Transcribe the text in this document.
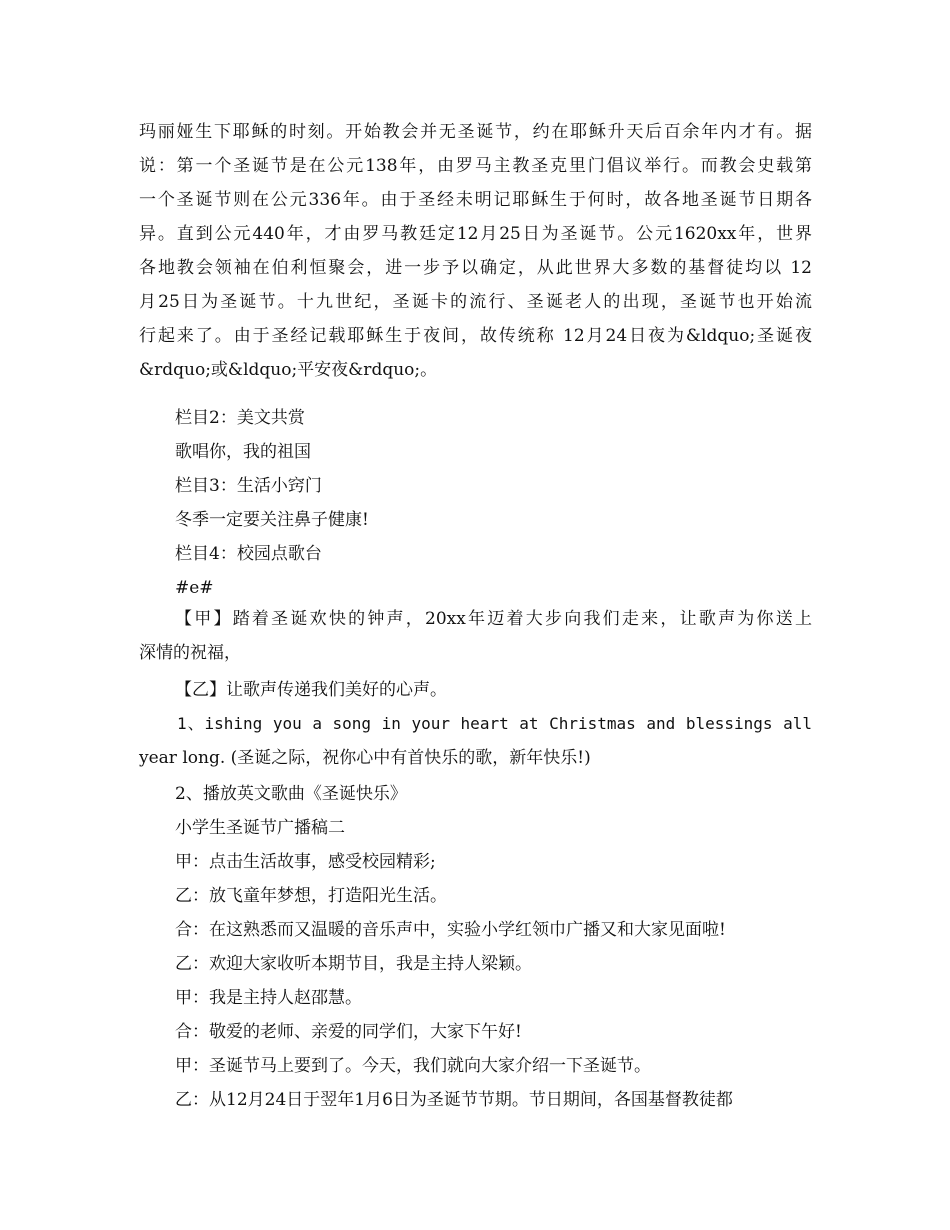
玛丽娅生下耶稣的时刻。开始教会并无圣诞节，约在耶稣升天后百余年内才有。据
说：第一个圣诞节是在公元138年，由罗马主教圣克里门倡议举行。而教会史载第
一个圣诞节则在公元336年。由于圣经未明记耶稣生于何时，故各地圣诞节日期各
异。直到公元440年，才由罗马教廷定12月25日为圣诞节。公元1620xx年，世界
各地教会领袖在伯利恒聚会，进一步予以确定，从此世界大多数的基督徒均以 12
月25日为圣诞节。十九世纪，圣诞卡的流行、圣诞老人的出现，圣诞节也开始流
行起来了。由于圣经记载耶稣生于夜间，故传统称 12月24日夜为&ldquo;圣诞夜
&rdquo;或&ldquo;平安夜&rdquo;。

栏目2：美文共赏

歌唱你，我的祖国

栏目3：生活小窍门

冬季一定要关注鼻子健康!

栏目4：校园点歌台

#e#

【甲】踏着圣诞欢快的钟声，20xx年迈着大步向我们走来，让歌声为你送上
深情的祝福，

【乙】让歌声传递我们美好的心声。

1、ishing you a song in your heart at Christmas and blessings all
year long. (圣诞之际，祝你心中有首快乐的歌，新年快乐!)

2、播放英文歌曲《圣诞快乐》

小学生圣诞节广播稿二

甲：点击生活故事，感受校园精彩;

乙：放飞童年梦想，打造阳光生活。

合：在这熟悉而又温暖的音乐声中，实验小学红领巾广播又和大家见面啦!

乙：欢迎大家收听本期节目，我是主持人梁颖。

甲：我是主持人赵邵慧。

合：敬爱的老师、亲爱的同学们，大家下午好!

甲：圣诞节马上要到了。今天，我们就向大家介绍一下圣诞节。

乙：从12月24日于翌年1月6日为圣诞节节期。节日期间，各国基督教徒都
